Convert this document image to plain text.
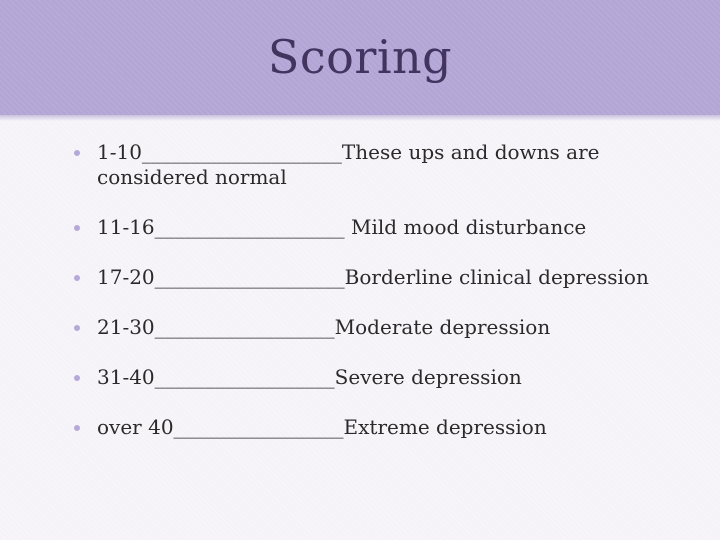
Scoring
1-10____________________These ups and downs are considered normal
11-16___________________ Mild mood disturbance
17-20___________________Borderline clinical depression
21-30__________________Moderate depression
31-40__________________Severe depression
over 40_________________Extreme depression
